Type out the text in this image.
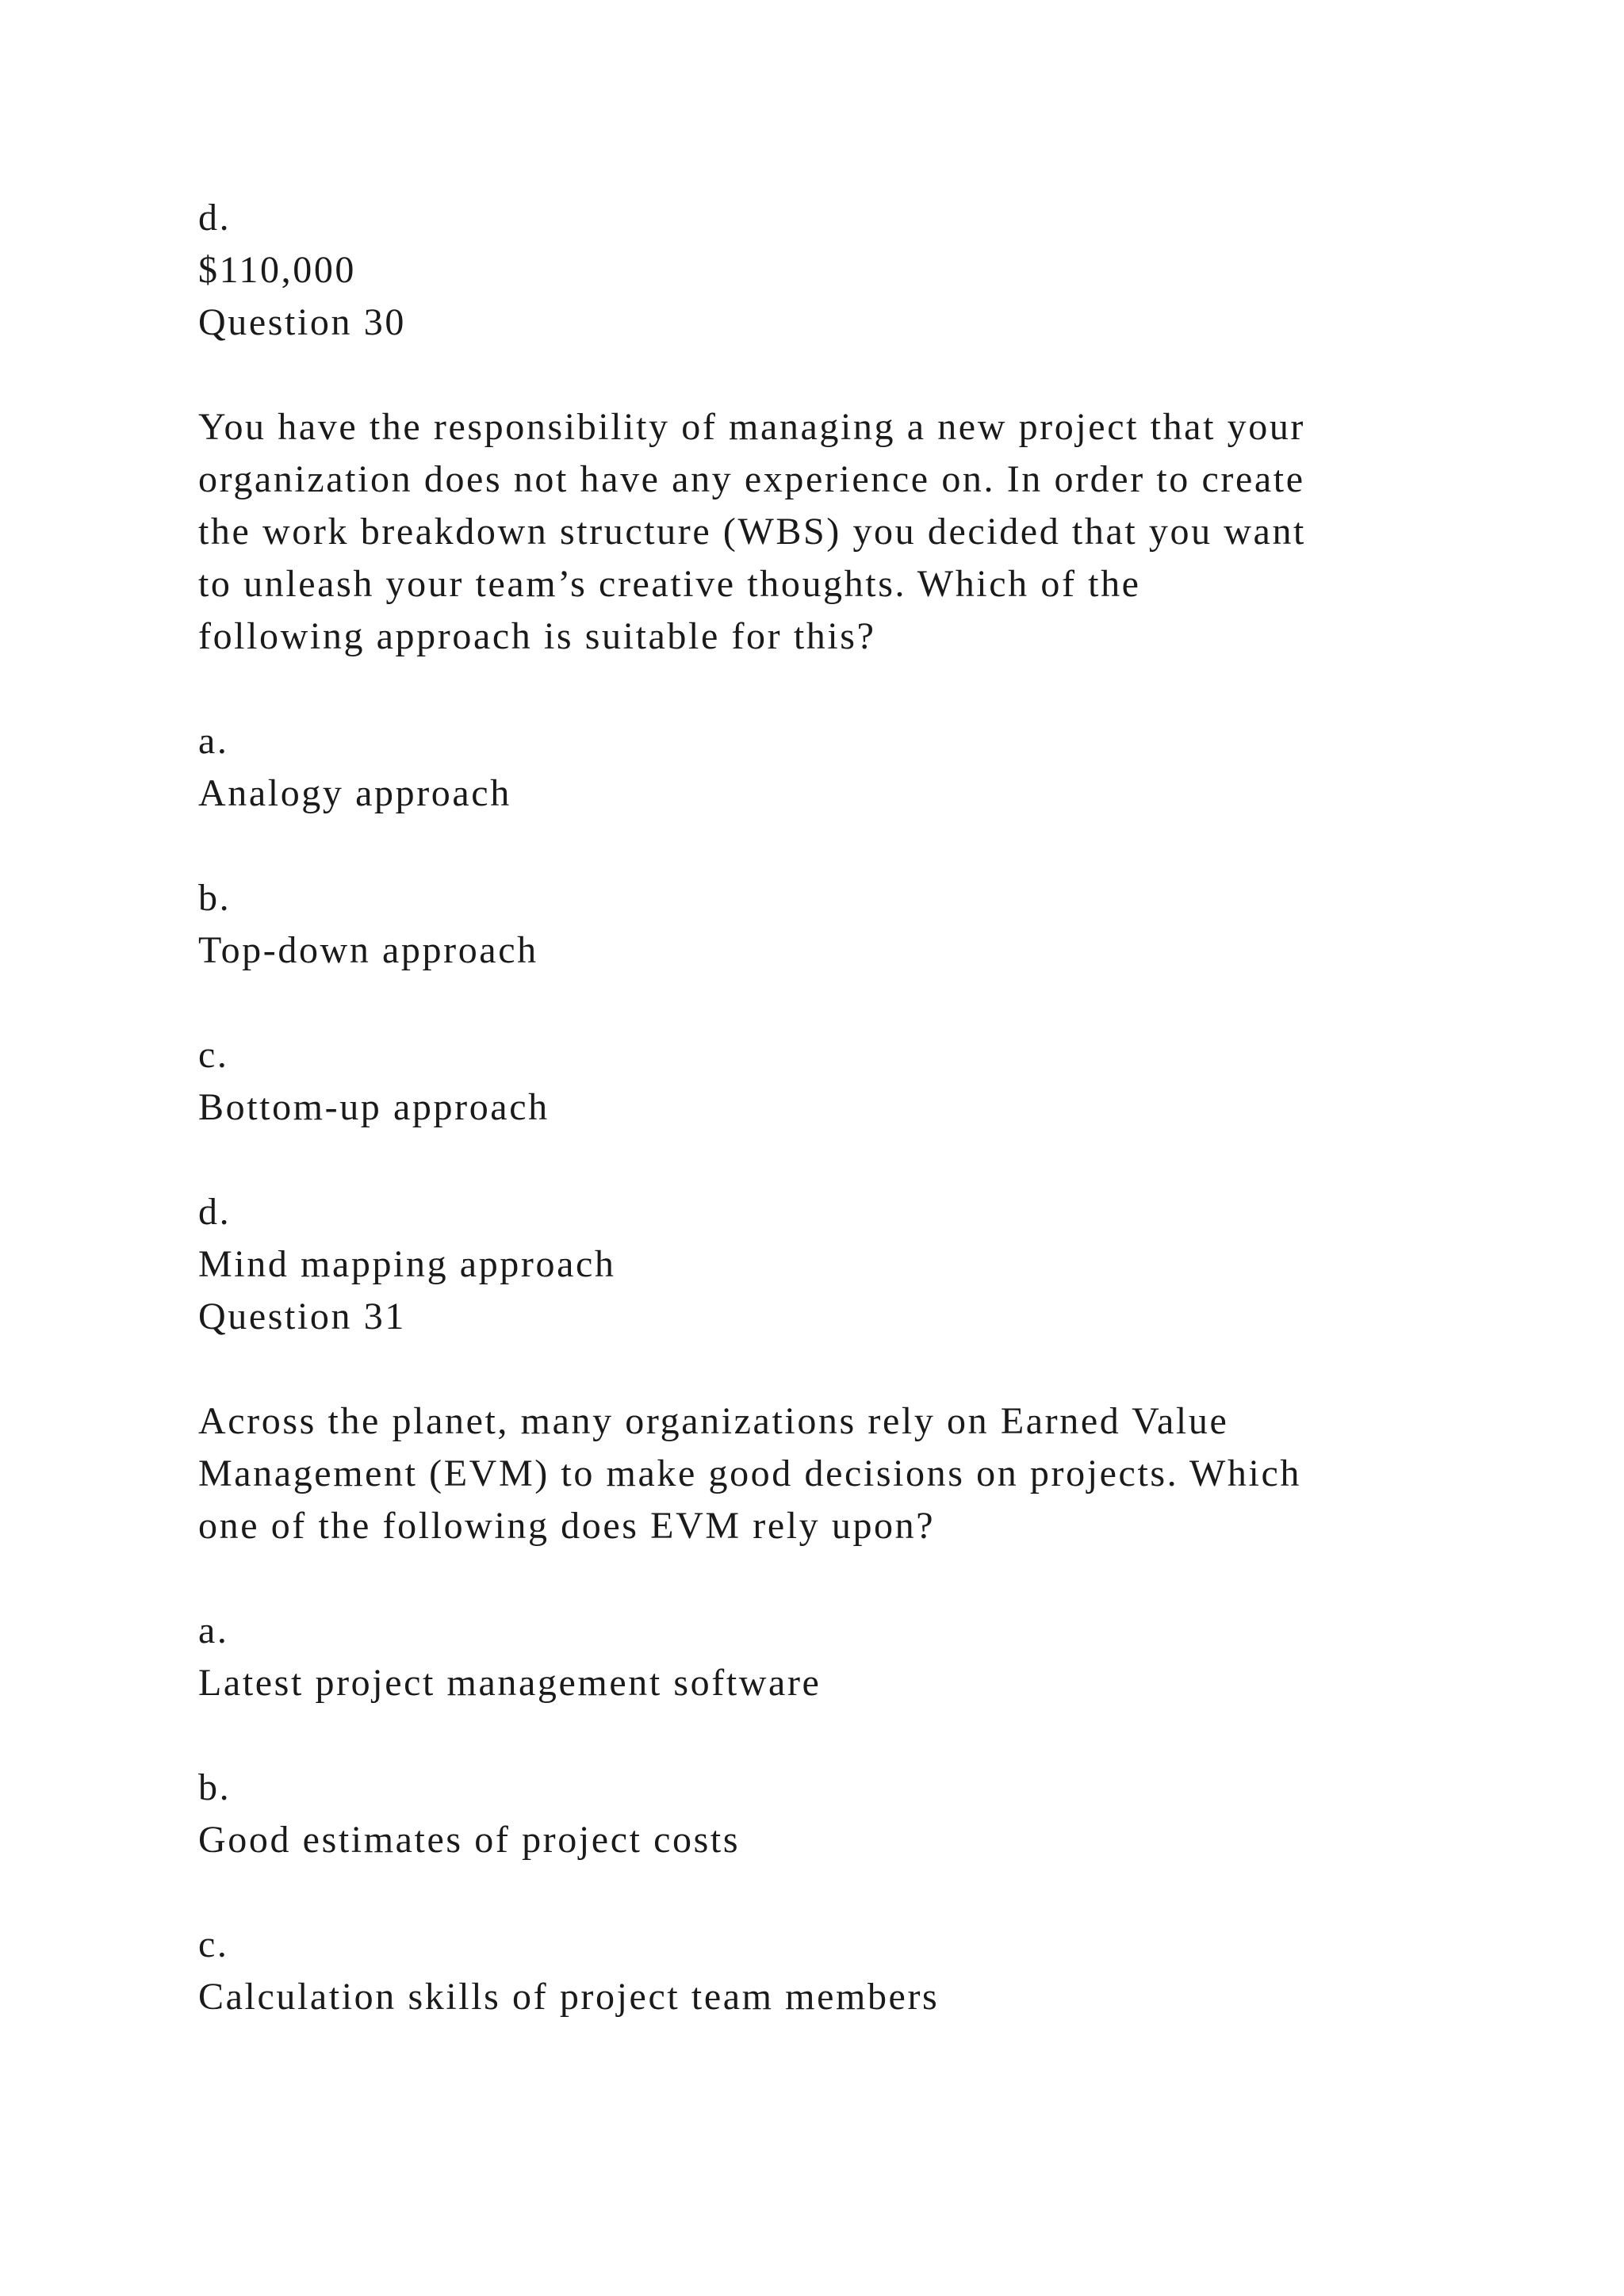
d.
$110,000
Question 30
You have the responsibility of managing a new project that your
organization does not have any experience on. In order to create
the work breakdown structure (WBS) you decided that you want
to unleash your team’s creative thoughts. Which of the
following approach is suitable for this?
a.
Analogy approach
b.
Top-down approach
c.
Bottom-up approach
d.
Mind mapping approach
Question 31
Across the planet, many organizations rely on Earned Value
Management (EVM) to make good decisions on projects. Which
one of the following does EVM rely upon?
a.
Latest project management software
b.
Good estimates of project costs
c.
Calculation skills of project team members
